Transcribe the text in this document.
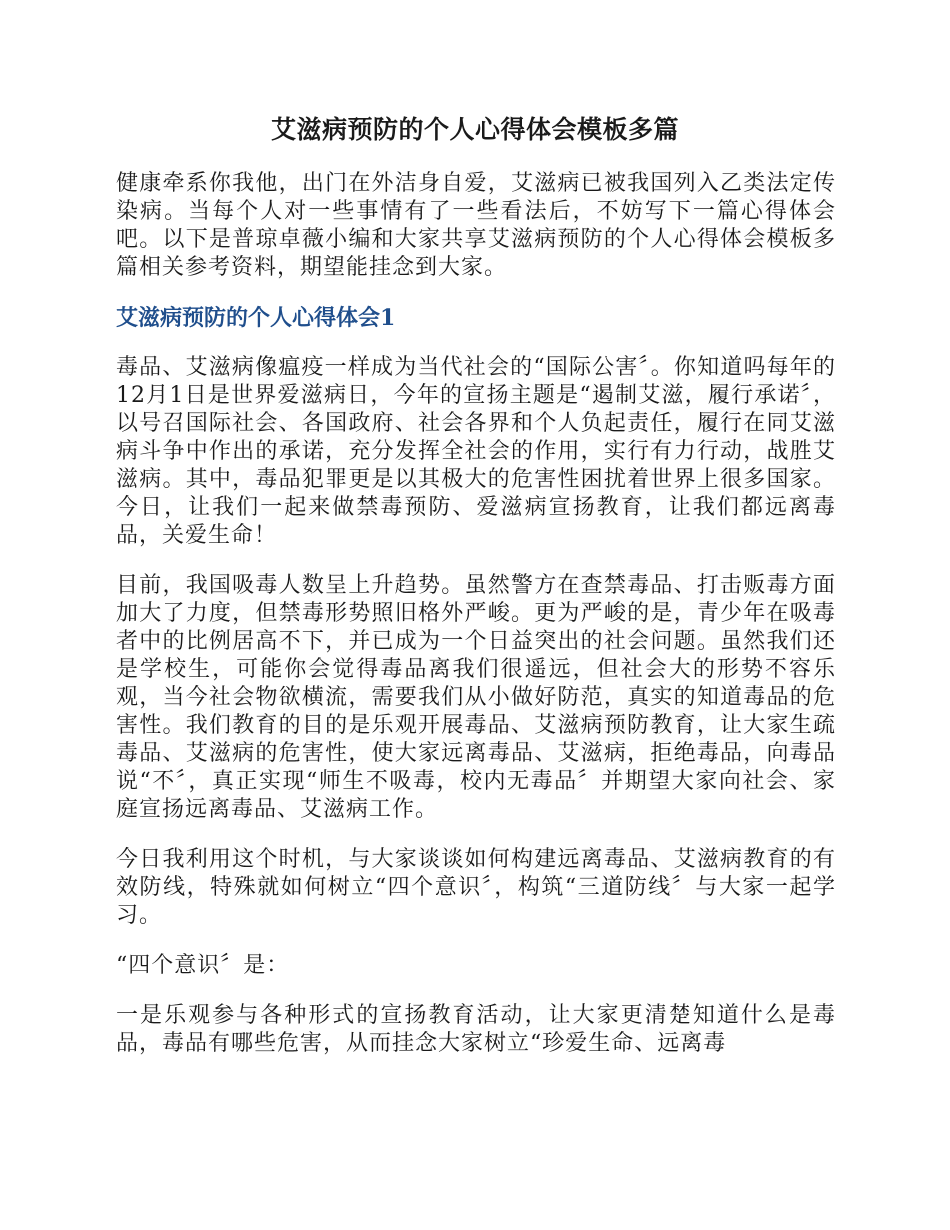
艾滋病预防的个人心得体会模板多篇

健康牵系你我他，出门在外洁身自爱，艾滋病已被我国列入乙类法定传染病。当每个人对一些事情有了一些看法后，不妨写下一篇心得体会吧。以下是普琼卓薇小编和大家共享艾滋病预防的个人心得体会模板多篇相关参考资料，期望能挂念到大家。

艾滋病预防的个人心得体会1

毒品、艾滋病像瘟疫一样成为当代社会的“国际公害〞。你知道吗每年的12月1日是世界爱滋病日，今年的宣扬主题是“遏制艾滋，履行承诺〞，以号召国际社会、各国政府、社会各界和个人负起责任，履行在同艾滋病斗争中作出的承诺，充分发挥全社会的作用，实行有力行动，战胜艾滋病。其中，毒品犯罪更是以其极大的危害性困扰着世界上很多国家。今日，让我们一起来做禁毒预防、爱滋病宣扬教育，让我们都远离毒品，关爱生命！

目前，我国吸毒人数呈上升趋势。虽然警方在查禁毒品、打击贩毒方面加大了力度，但禁毒形势照旧格外严峻。更为严峻的是，青少年在吸毒者中的比例居高不下，并已成为一个日益突出的社会问题。虽然我们还是学校生，可能你会觉得毒品离我们很遥远，但社会大的形势不容乐观，当今社会物欲横流，需要我们从小做好防范，真实的知道毒品的危害性。我们教育的目的是乐观开展毒品、艾滋病预防教育，让大家生疏毒品、艾滋病的危害性，使大家远离毒品、艾滋病，拒绝毒品，向毒品说“不〞，真正实现“师生不吸毒，校内无毒品〞并期望大家向社会、家庭宣扬远离毒品、艾滋病工作。

今日我利用这个时机，与大家谈谈如何构建远离毒品、艾滋病教育的有效防线，特殊就如何树立“四个意识〞，构筑“三道防线〞与大家一起学习。

“四个意识〞是：

一是乐观参与各种形式的宣扬教育活动，让大家更清楚知道什么是毒品，毒品有哪些危害，从而挂念大家树立“珍爱生命、远离毒
